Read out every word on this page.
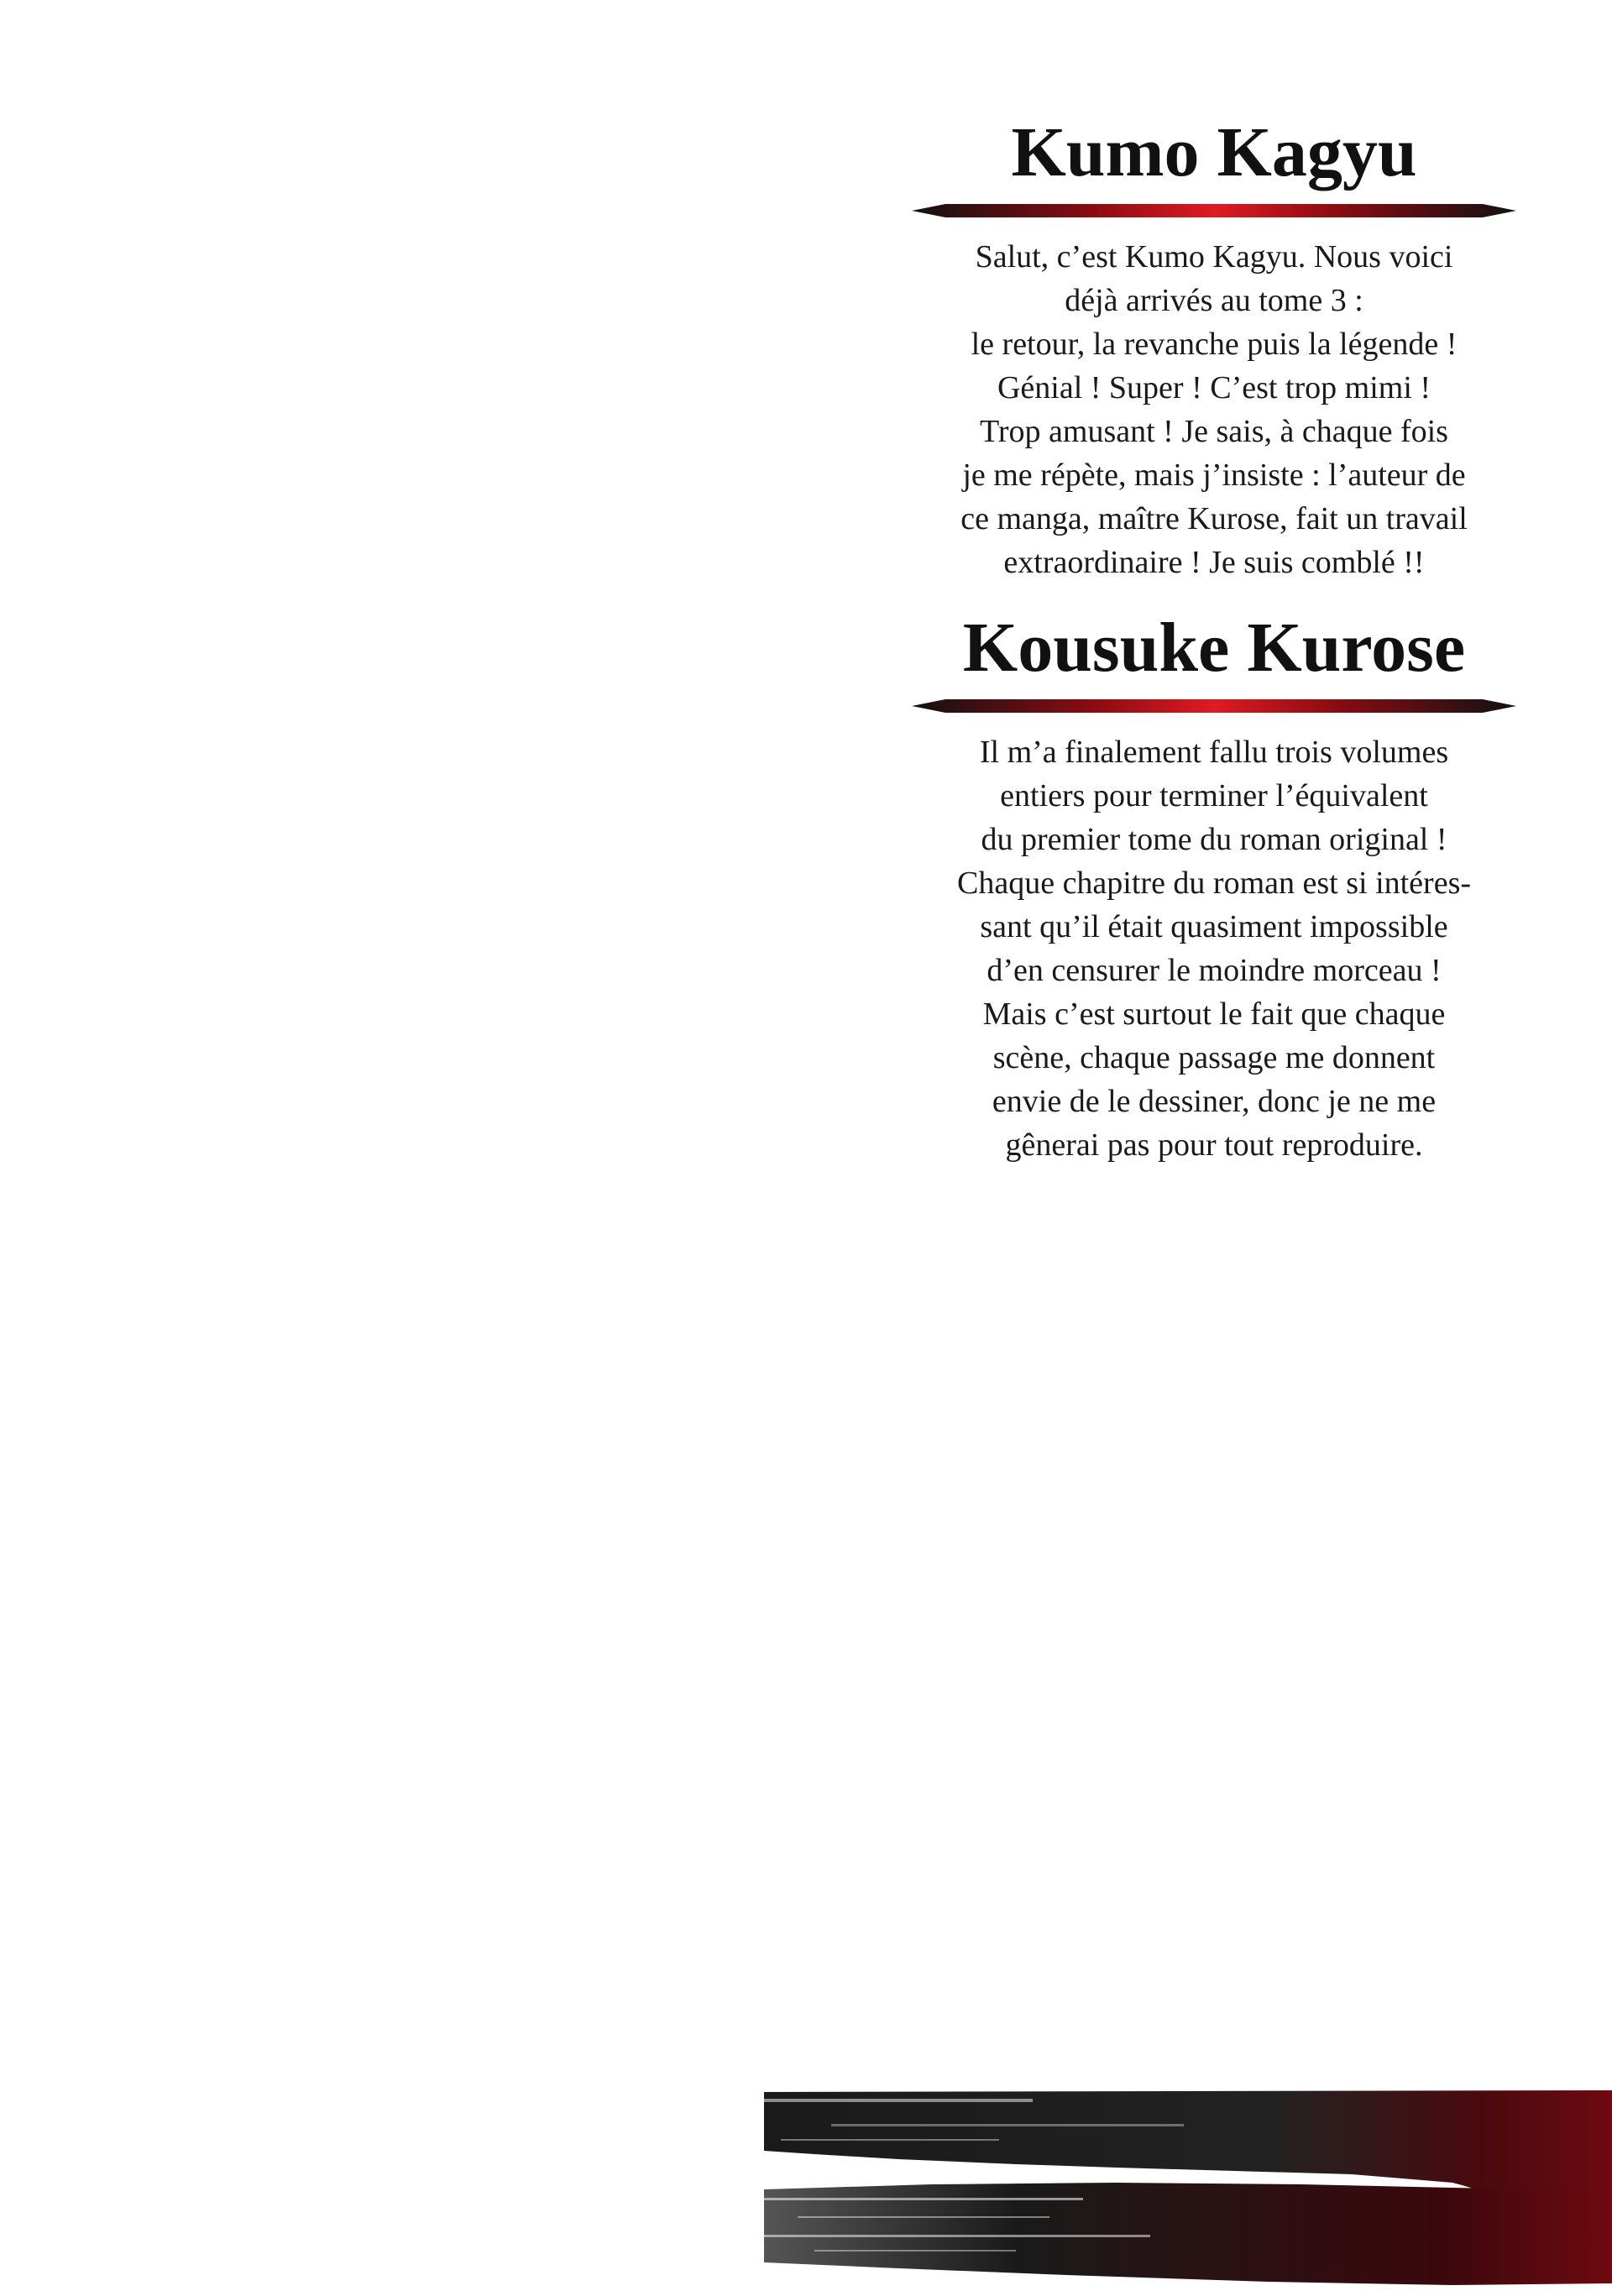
Kumo Kagyu
Salut, c’est Kumo Kagyu. Nous voici
déjà arrivés au tome 3 :
le retour, la revanche puis la légende !
Génial ! Super ! C’est trop mimi !
Trop amusant ! Je sais, à chaque fois
je me répète, mais j’insiste : l’auteur de
ce manga, maître Kurose, fait un travail
extraordinaire ! Je suis comblé !!
Kousuke Kurose
Il m’a finalement fallu trois volumes
entiers pour terminer l’équivalent
du premier tome du roman original !
Chaque chapitre du roman est si intéres-
sant qu’il était quasiment impossible
d’en censurer le moindre morceau !
Mais c’est surtout le fait que chaque
scène, chaque passage me donnent
envie de le dessiner, donc je ne me
gênerai pas pour tout reproduire.
